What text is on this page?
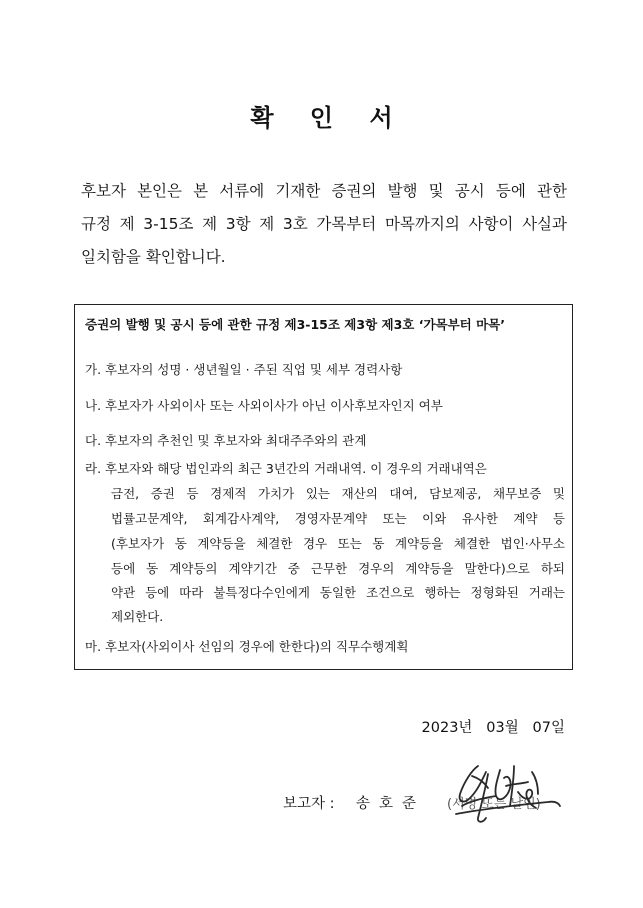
확 인 서
후보자 본인은 본 서류에 기재한 증권의 발행 및 공시 등에 관한
규정 제 3-15조 제 3항 제 3호 가목부터 마목까지의 사항이 사실과
일치함을 확인합니다.
증권의 발행 및 공시 등에 관한 규정 제3-15조 제3항 제3호 ‘가목부터 마목’
가. 후보자의 성명 · 생년월일 · 주된 직업 및 세부 경력사항
나. 후보자가 사외이사 또는 사외이사가 아닌 이사후보자인지 여부
다. 후보자의 추천인 및 후보자와 최대주주와의 관계
라. 후보자와 해당 법인과의 최근 3년간의 거래내역. 이 경우의 거래내역은
금전, 증권 등 경제적 가치가 있는 재산의 대여, 담보제공, 채무보증 및
법률고문계약, 회계감사계약, 경영자문계약 또는 이와 유사한 계약 등
(후보자가 동 계약등을 체결한 경우 또는 동 계약등을 체결한 법인·사무소
등에 동 계약등의 계약기간 중 근무한 경우의 계약등을 말한다)으로 하되
약관 등에 따라 불특정다수인에게 동일한 조건으로 행하는 정형화된 거래는
제외한다.
마. 후보자(사외이사 선임의 경우에 한한다)의 직무수행계획
2023년   03월   07일
보고자 : 송호준 (서명 또는 날인)
